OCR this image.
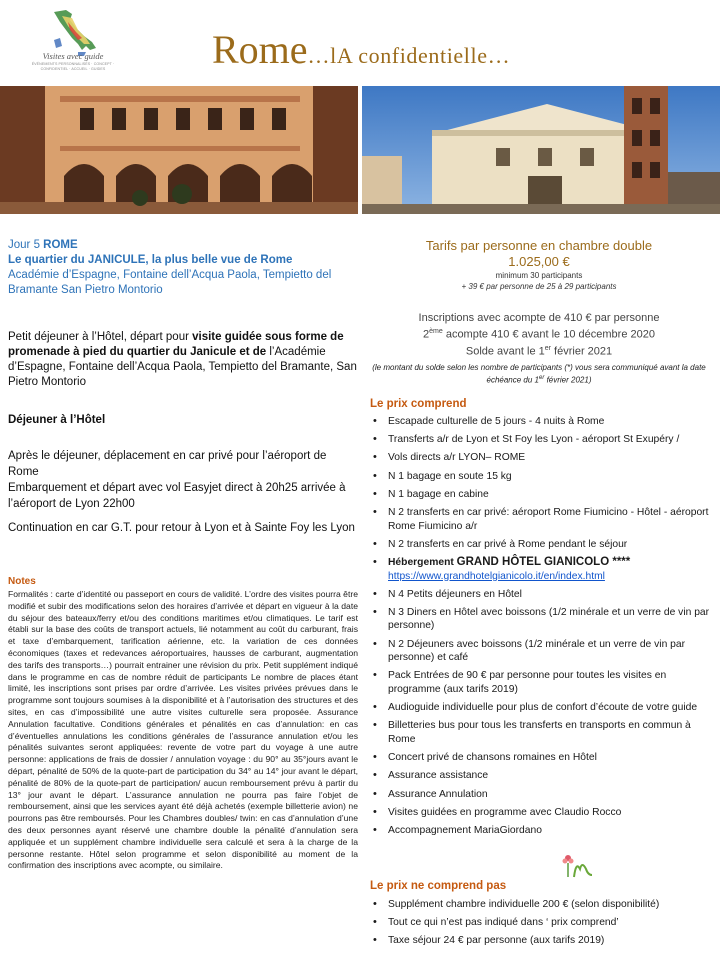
Visites avec guide
ÉVÉNEMENTS PERSONNALISÉS · CONCEPT · CONFIDENTIEL · ACCUEIL · GUIDES	Rome…lA confidentielle…
Jour 5 ROME
Le quartier du JANICULE, la plus belle vue de Rome
Académie d’Espagne, Fontaine dell’Acqua Paola, Tempietto del Bramante San Pietro Montorio
Petit déjeuner à l’Hôtel, départ pour visite guidée sous forme de promenade à pied du quartier du Janicule et de l’Académie d’Espagne, Fontaine dell’Acqua Paola, Tempietto del Bramante, San Pietro Montorio
Déjeuner à l’Hôtel

Après le déjeuner, déplacement en car privé pour l’aéroport de Rome

Embarquement et départ avec vol Easyjet direct à 20h25 arrivée à l’aéroport de Lyon 22h00

Continuation en car G.T. pour retour à Lyon et à Sainte Foy les Lyon

Notes
Formalités : carte d’identité ou passeport en cours de validité. L’ordre des visites pourra être modifié et subir des modifications selon des horaires d’arrivée et départ en vigueur à la date du séjour des bateaux/ferry et/ou des conditions maritimes et/ou climatiques. Le tarif est établi sur la base des coûts de transport actuels, lié notamment au coût du carburant, frais et taxe d’embarquement, tarification aérienne, etc. la variation de ces données économiques (taxes et redevances aéroportuaires, hausses de carburant, augmentation des tarifs des transports…) pourrait entrainer une révision du prix. Petit supplément indiqué dans le programme en cas de nombre réduit de participants Le nombre de places étant limité, les inscriptions sont prises par ordre d’arrivée. Les visites privées prévues dans le programme sont toujours soumises à la disponibilité et à l’autorisation des structures et des sites, en cas d’impossibilité une autre visites culturelle sera proposée. Assurance Annulation facultative. Conditions générales et pénalités en cas d’annulation: en cas d’éventuelles annulations les conditions générales de l’assurance annulation et/ou les pénalités suivantes seront appliquées: revente de votre part du voyage à une autre personne: applications de frais de dossier / annulation voyage : du 90° au 35°jours avant le départ, pénalité de 50% de la quote-part de participation du 34° au 14° jour avant le départ, pénalité de 80% de la quote-part de participation/ aucun remboursement prévu à partir du 13° jour avant le départ. L’assurance annulation ne pourra pas faire l’objet de remboursement, ainsi que les services ayant été déjà achetés (exemple billetterie avion) ne pourrons pas être remboursés. Pour les Chambres doubles/ twin: en cas d’annulation d’une des deux personnes ayant réservé une chambre double la pénalité d’annulation sera appliquée et un supplément chambre individuelle sera calculé et sera à la charge de la personne restante. Hôtel selon programme et selon disponibilité au moment de la confirmation des inscriptions avec acompte, ou similaire.
Tarifs par personne en chambre double
1.025,00 €
minimum 30 participants
+ 39 € par personne de 25 à 29 participants
Inscriptions avec acompte de 410 € par personne
2ème acompte 410 € avant le 10 décembre 2020
Solde avant le 1er février 2021
(le montant du solde selon les nombre de participants (*) vous sera communiqué avant la date échéance du 1er février 2021)
Le prix comprend
• Escapade culturelle de 5 jours - 4 nuits à Rome
• Transferts a/r de Lyon et St Foy les Lyon - aéroport St Exupéry /
• Vols directs a/r LYON– ROME
• N 1 bagage en soute 15 kg
• N 1 bagage en cabine
• N 2 transferts en car privé: aéroport Rome Fiumicino - Hôtel - aéroport Rome Fiumicino a/r
• N 2 transferts en car privé à Rome pendant le séjour
• Hébergement GRAND HÔTEL GIANICOLO ****
https://www.grandhotelgianicolo.it/en/index.html
• N 4 Petits déjeuners en Hôtel
• N 3 Diners en Hôtel avec boissons (1/2 minérale et un verre de vin par personne)
• N 2 Déjeuners avec boissons (1/2 minérale et un verre de vin par personne) et café
• Pack Entrées de 90 € par personne pour toutes les visites en programme (aux tarifs 2019)
• Audioguide individuelle pour plus de confort d’écoute de votre guide
• Billetteries bus pour tous les transferts en transports en commun à Rome
• Concert privé de chansons romaines en Hôtel
• Assurance assistance
• Assurance Annulation
• Visites guidées en programme avec Claudio Rocco
• Accompagnement MariaGiordano
Le prix ne comprend pas
• Supplément chambre individuelle 200 € (selon disponibilité)
• Tout ce qui n’est pas indiqué dans ‘ prix comprend’
• Taxe séjour 24 € par personne (aux tarifs 2019)
